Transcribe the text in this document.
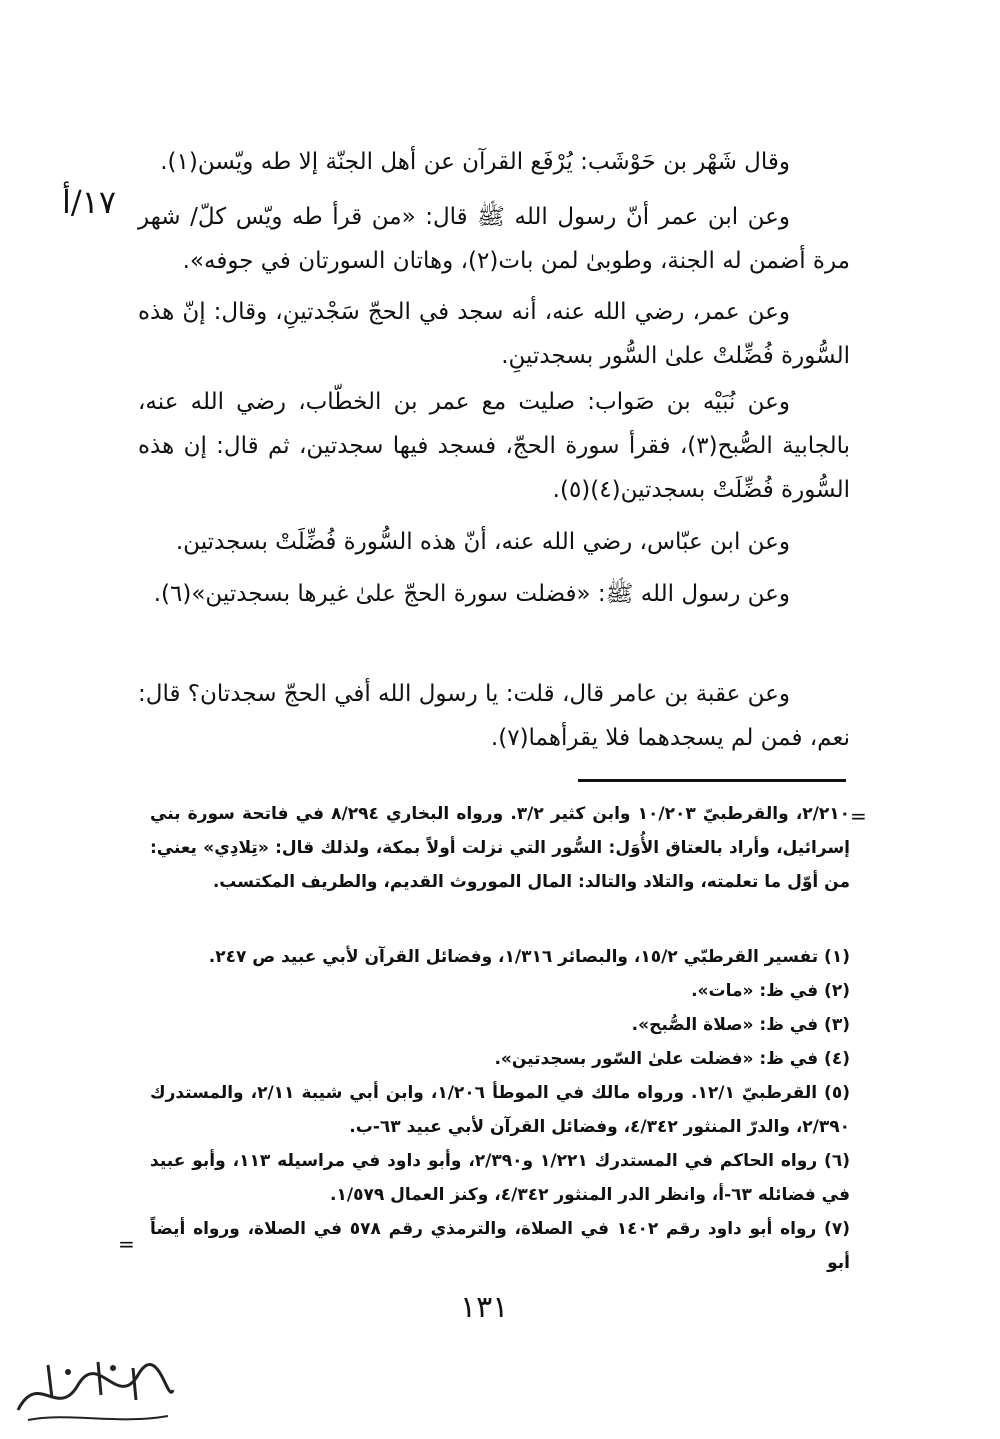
١٧/أ

وقال شَهْر بن حَوْشَب: يُرْفَع القرآن عن أهل الجنّة إلا طه ويّسن(١).

وعن ابن عمر أنّ رسول الله ﷺ قال: «من قرأ طه ويّس كلّ/ شهر مرة أضمن له الجنة، وطوبىٰ لمن بات(٢)، وهاتان السورتان في جوفه».

وعن عمر، رضي الله عنه، أنه سجد في الحجّ سَجْدتينِ، وقال: إنّ هذه السُّورة فُضِّلتْ علىٰ السُّور بسجدتينِ.

وعن نُبَيْه بن صَواب: صليت مع عمر بن الخطّاب، رضي الله عنه، بالجابية الصُّبح(٣)، فقرأ سورة الحجّ، فسجد فيها سجدتين، ثم قال: إن هذه السُّورة فُضِّلَتْ بسجدتين(٤)(٥).

وعن ابن عبّاس، رضي الله عنه، أنّ هذه السُّورة فُضِّلَتْ بسجدتين.

وعن رسول الله ﷺ: «فضلت سورة الحجّ علىٰ غيرها بسجدتين»(٦).

وعن عقبة بن عامر قال، قلت: يا رسول الله أفي الحجّ سجدتان؟ قال: نعم، فمن لم يسجدهما فلا يقرأهما(٧).

=

٢/٢١٠، والقرطبيّ ١٠/٢٠٣ وابن كثير ٣/٢. ورواه البخاري ٨/٢٩٤ في فاتحة سورة بني إسرائيل، وأراد بالعتاق الأُوَل: السُّور التي نزلت أولاً بمكة، ولذلك قال: «تِلادِي» يعني: من أوّل ما تعلمته، والتلاد والتالد: المال الموروث القديم، والطريف المكتسب.

(١) تفسير القرطبّي ١٥/٢، والبصائر ١/٣١٦، وفضائل القرآن لأبي عبيد ص ٢٤٧.

(٢) في ظ: «مات».

(٣) في ظ: «صلاة الصُّبح».

(٤) في ظ: «فضلت علىٰ السّور بسجدتين».

(٥) القرطبيّ ١٢/١. ورواه مالك في الموطأ ١/٢٠٦، وابن أبي شيبة ٢/١١، والمستدرك ٢/٣٩٠، والدرّ المنثور ٤/٣٤٢، وفضائل القرآن لأبي عبيد ٦٣-ب.

(٦) رواه الحاكم في المستدرك ١/٢٢١ و٢/٣٩٠، وأبو داود في مراسيله ١١٣، وأبو عبيد في فضائله ٦٣-أ، وانظر الدر المنثور ٤/٣٤٢، وكنز العمال ١/٥٧٩.

(٧) رواه أبو داود رقم ١٤٠٢ في الصلاة، والترمذي رقم ٥٧٨ في الصلاة، ورواه أيضاً أبو

=
١٣١
